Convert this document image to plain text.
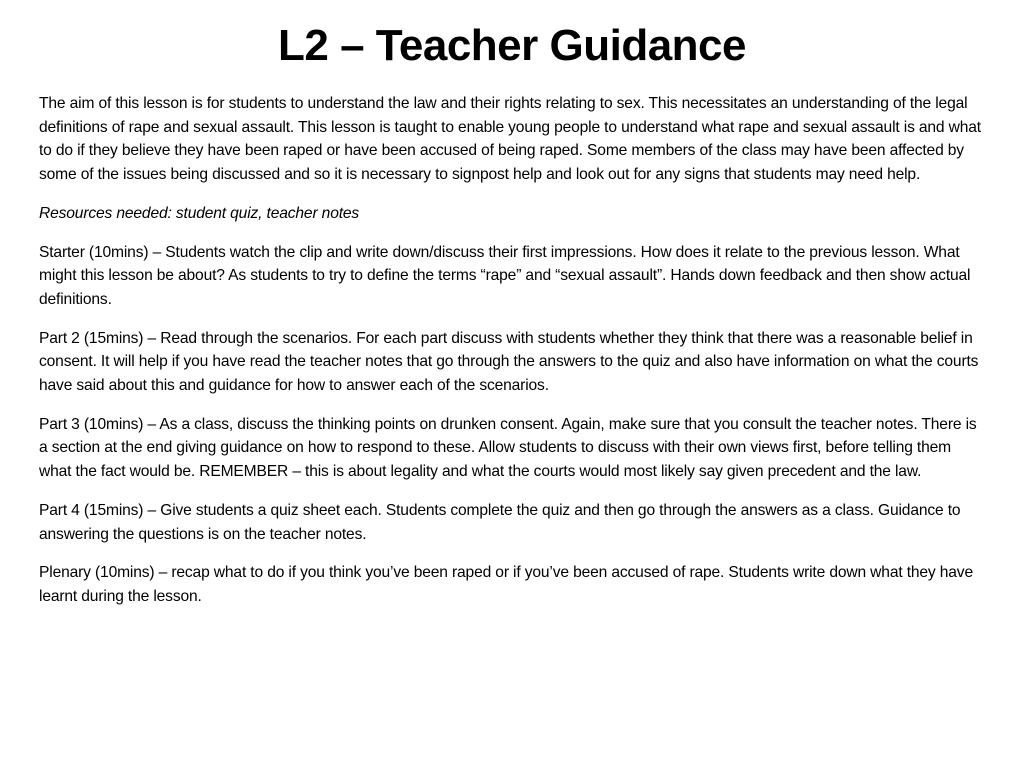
L2 – Teacher Guidance

The aim of this lesson is for students to understand the law and their rights relating to sex. This necessitates an understanding of the legal definitions of rape and sexual assault. This lesson is taught to enable young people to understand what rape and sexual assault is and what to do if they believe they have been raped or have been accused of being raped. Some members of the class may have been affected by some of the issues being discussed and so it is necessary to signpost help and look out for any signs that students may need help.

Resources needed: student quiz, teacher notes

Starter (10mins) – Students watch the clip and write down/discuss their first impressions. How does it relate to the previous lesson. What might this lesson be about? As students to try to define the terms “rape” and “sexual assault”. Hands down feedback and then show actual definitions.

Part 2 (15mins) – Read through the scenarios. For each part discuss with students whether they think that there was a reasonable belief in consent. It will help if you have read the teacher notes that go through the answers to the quiz and also have information on what the courts have said about this and guidance for how to answer each of the scenarios.

Part 3 (10mins) – As a class, discuss the thinking points on drunken consent. Again, make sure that you consult the teacher notes. There is a section at the end giving guidance on how to respond to these. Allow students to discuss with their own views first, before telling them what the fact would be. REMEMBER – this is about legality and what the courts would most likely say given precedent and the law.

Part 4 (15mins) – Give students a quiz sheet each. Students complete the quiz and then go through the answers as a class. Guidance to answering the questions is on the teacher notes.

Plenary (10mins) – recap what to do if you think you’ve been raped or if you’ve been accused of rape. Students write down what they have learnt during the lesson.
